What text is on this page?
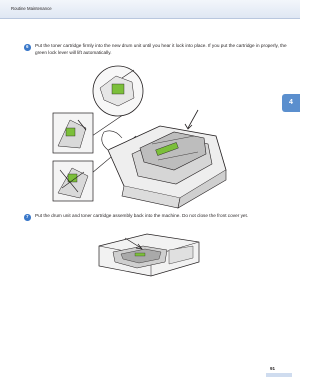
Routine Maintenance
4
6	Put the toner cartridge firmly into the new drum unit until you hear it lock into place. If you put the cartridge in properly, the green lock lever will lift automatically.
7	Put the drum unit and toner cartridge assembly back into the machine. Do not close the front cover yet.
91
